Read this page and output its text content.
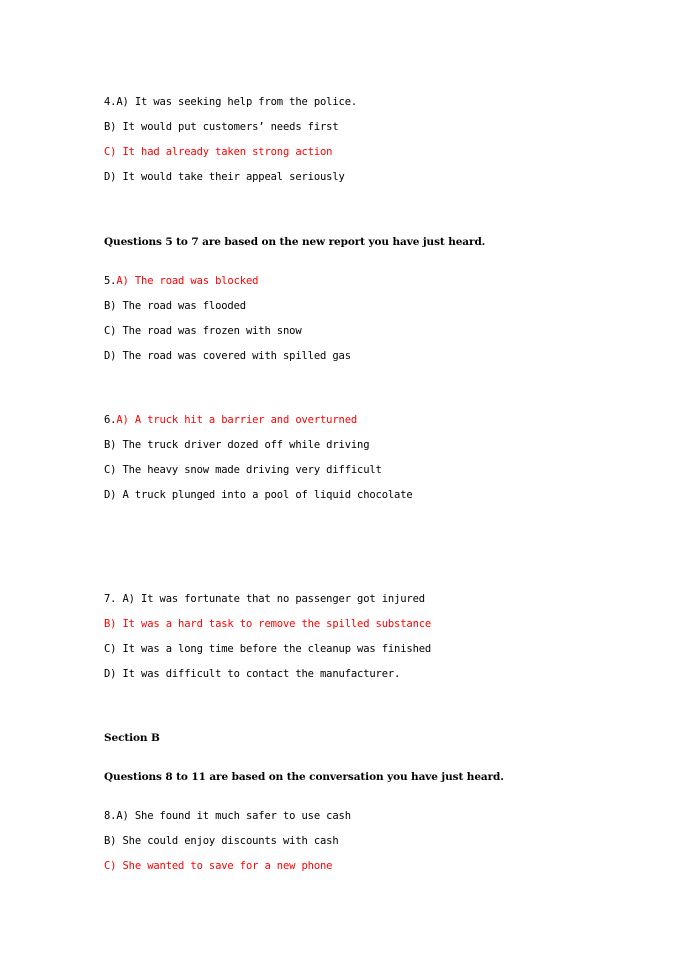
4.A) It was seeking help from the police.
B) It would put customers’ needs first
C) It had already taken strong action
D) It would take their appeal seriously
Questions 5 to 7 are based on the new report you have just heard.
5.A) The road was blocked
B) The road was flooded
C) The road was frozen with snow
D) The road was covered with spilled gas
6.A) A truck hit a barrier and overturned
B) The truck driver dozed off while driving
C) The heavy snow made driving very difficult
D) A truck plunged into a pool of liquid chocolate
7. A) It was fortunate that no passenger got injured
B) It was a hard task to remove the spilled substance
C) It was a long time before the cleanup was finished
D) It was difficult to contact the manufacturer.
Section B
Questions 8 to 11 are based on the conversation you have just heard.
8.A) She found it much safer to use cash
B) She could enjoy discounts with cash
C) She wanted to save for a new phone
